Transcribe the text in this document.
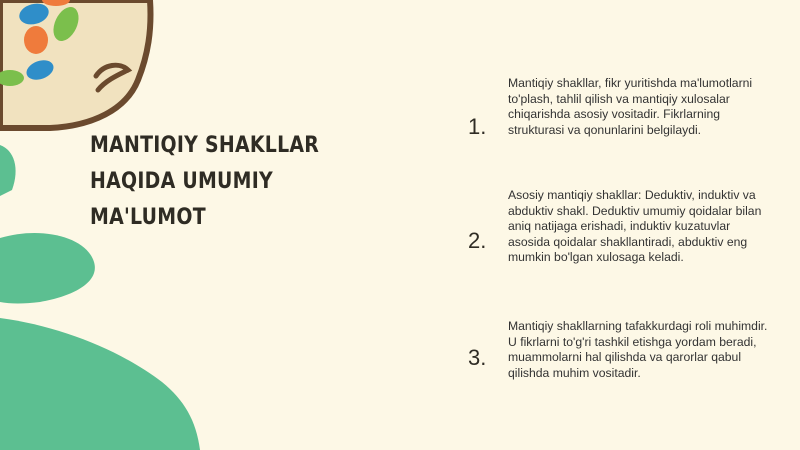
MANTIQIY SHAKLLAR HAQIDA UMUMIY MA'LUMOT
1.

Mantiqiy shakllar, fikr yuritishda ma'lumotlarni to'plash, tahlil qilish va mantiqiy xulosalar chiqarishda asosiy vositadir. Fikrlarning strukturasi va qonunlarini belgilaydi.

2.

Asosiy mantiqiy shakllar: Deduktiv, induktiv va abduktiv shakl. Deduktiv umumiy qoidalar bilan aniq natijaga erishadi, induktiv kuzatuvlar asosida qoidalar shakllantiradi, abduktiv eng mumkin bo'lgan xulosaga keladi.

3.

Mantiqiy shakllarning tafakkurdagi roli muhimdir. U fikrlarni to'g'ri tashkil etishga yordam beradi, muammolarni hal qilishda va qarorlar qabul qilishda muhim vositadir.
